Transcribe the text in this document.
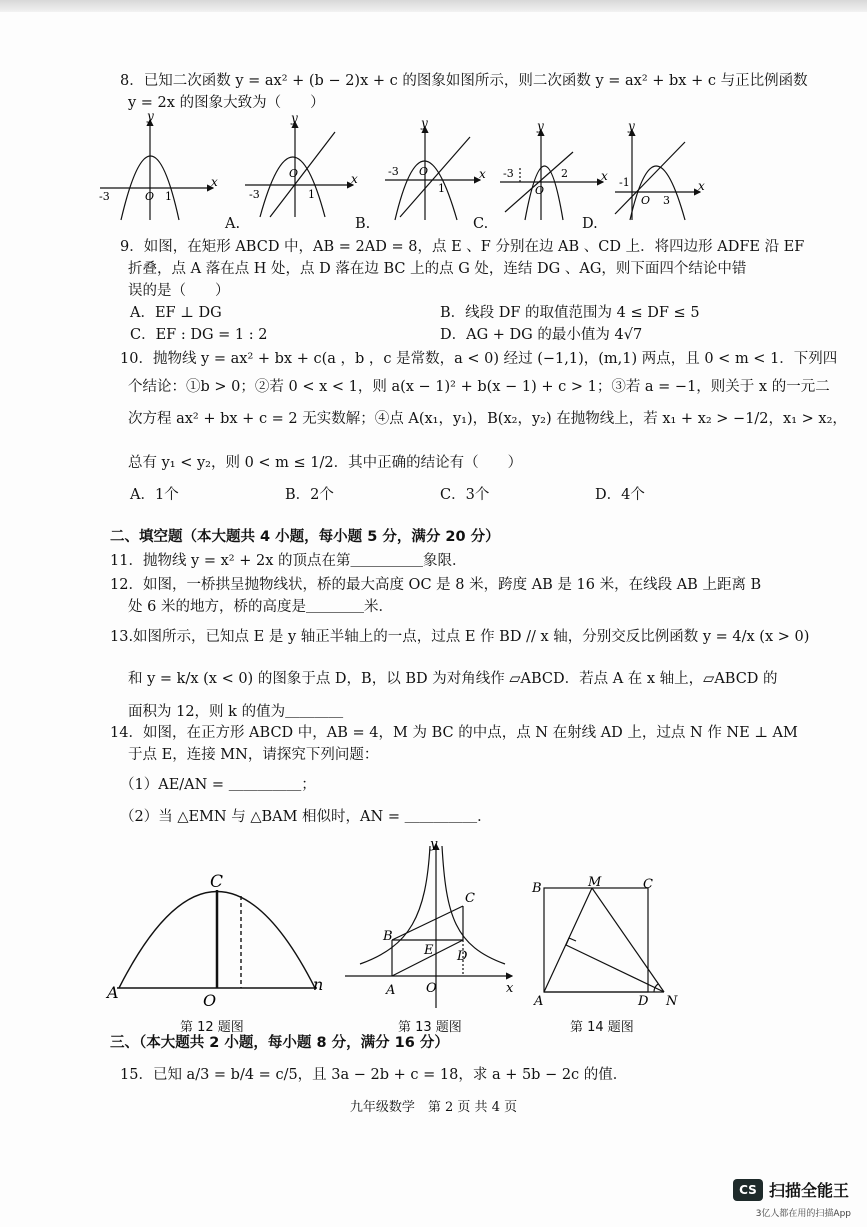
8．已知二次函数 y = ax² + (b − 2)x + c 的图象如图所示，则二次函数 y = ax² + bx + c 与正比例函数
y = 2x 的图象大致为（　　）
y
x
-3	O 1
y
x
-3
O
1
y
x
-3 O
1
y
x
-3
O
2
y
x
-1
O 3
A.	B.	C.	D.
9．如图，在矩形 ABCD 中，AB = 2AD = 8，点 E 、F 分别在边 AB 、CD 上．将四边形 ADFE 沿 EF
折叠，点 A 落在点 H 处，点 D 落在边 BC 上的点 G 处，连结 DG 、AG，则下面四个结论中错
误的是（　　）
A．EF ⊥ DG	B．线段 DF 的取值范围为 4 ≤ DF ≤ 5
C．EF : DG = 1 : 2	D．AG + DG 的最小值为 4√7
10．抛物线 y = ax² + bx + c(a ，b ，c 是常数，a < 0) 经过 (−1,1)，(m,1) 两点，且 0 < m < 1．下列四
个结论：①b > 0；②若 0 < x < 1，则 a(x − 1)² + b(x − 1) + c > 1；③若 a = −1，则关于 x 的一元二
次方程 ax² + bx + c = 2 无实数解；④点 A(x₁，y₁)，B(x₂，y₂) 在抛物线上，若 x₁ + x₂ > −1/2，x₁ > x₂，
总有 y₁ < y₂，则 0 < m ≤ 1/2．其中正确的结论有（　　）
A．1个	B．2个	C．3个	D．4个
二、填空题（本大题共 4 小题，每小题 5 分，满分 20 分）
11．抛物线 y = x² + 2x 的顶点在第＿＿＿＿＿象限．
12．如图，一桥拱呈抛物线状，桥的最大高度 OC 是 8 米，跨度 AB 是 16 米，在线段 AB 上距离 B
处 6 米的地方，桥的高度是＿＿＿＿米．
13.如图所示，已知点 E 是 y 轴正半轴上的一点，过点 E 作 BD // x 轴，分别交反比例函数 y = 4/x (x > 0)
和 y = k/x (x < 0) 的图象于点 D，B，以 BD 为对角线作 ▱ABCD．若点 A 在 x 轴上，▱ABCD 的
面积为 12，则 k 的值为＿＿＿＿
14．如图，在正方形 ABCD 中，AB = 4，M 为 BC 的中点，点 N 在射线 AD 上，过点 N 作 NE ⊥ AM
于点 E，连接 MN，请探究下列问题：
（1）AE/AN = ＿＿＿＿＿；
（2）当 △EMN 与 △BAM 相似时，AN = ＿＿＿＿＿．
C
A	O
n
第 12 题图
y
C
B
E D
A O	x
第 13 题图
B	M	C
A	D N
第 14 题图
三、（本大题共 2 小题，每小题 8 分，满分 16 分）
15．已知 a/3 = b/4 = c/5，且 3a − 2b + c = 18，求 a + 5b − 2c 的值．
九年级数学　第 2 页 共 4 页
CS 扫描全能王
3亿人都在用的扫描App
